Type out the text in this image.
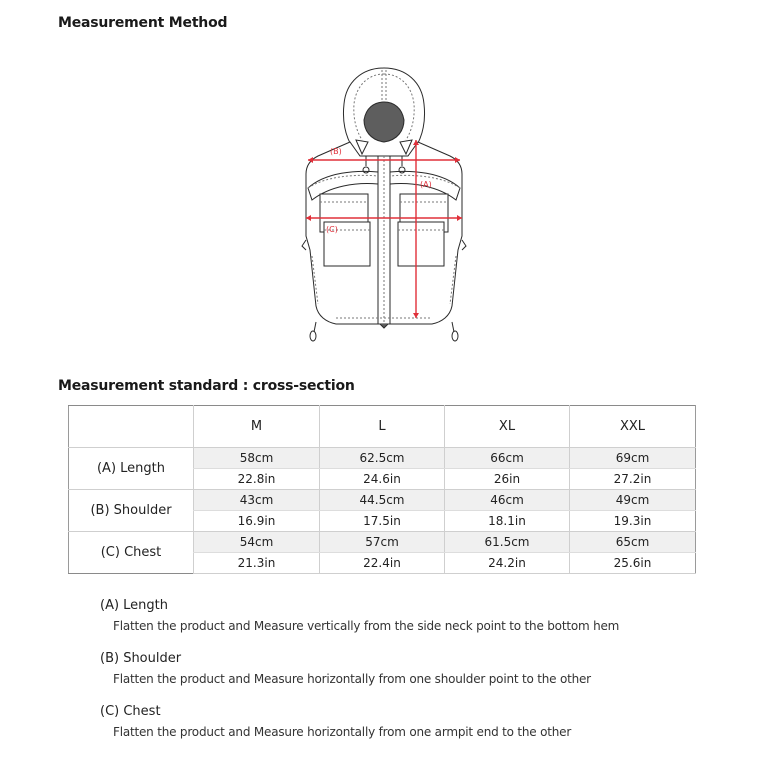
Measurement Method
(B)
(A)
(C)
Measurement standard : cross-section
	M	L	XL	XXL
(A) Length	58cm	62.5cm	66cm	69cm
	22.8in	24.6in	26in	27.2in
(B) Shoulder	43cm	44.5cm	46cm	49cm
	16.9in	17.5in	18.1in	19.3in
(C) Chest	54cm	57cm	61.5cm	65cm
	21.3in	22.4in	24.2in	25.6in
(A) Length
Flatten the product and Measure vertically from the side neck point to the bottom hem
(B) Shoulder
Flatten the product and Measure horizontally from one shoulder point to the other
(C) Chest
Flatten the product and Measure horizontally from one armpit end to the other
